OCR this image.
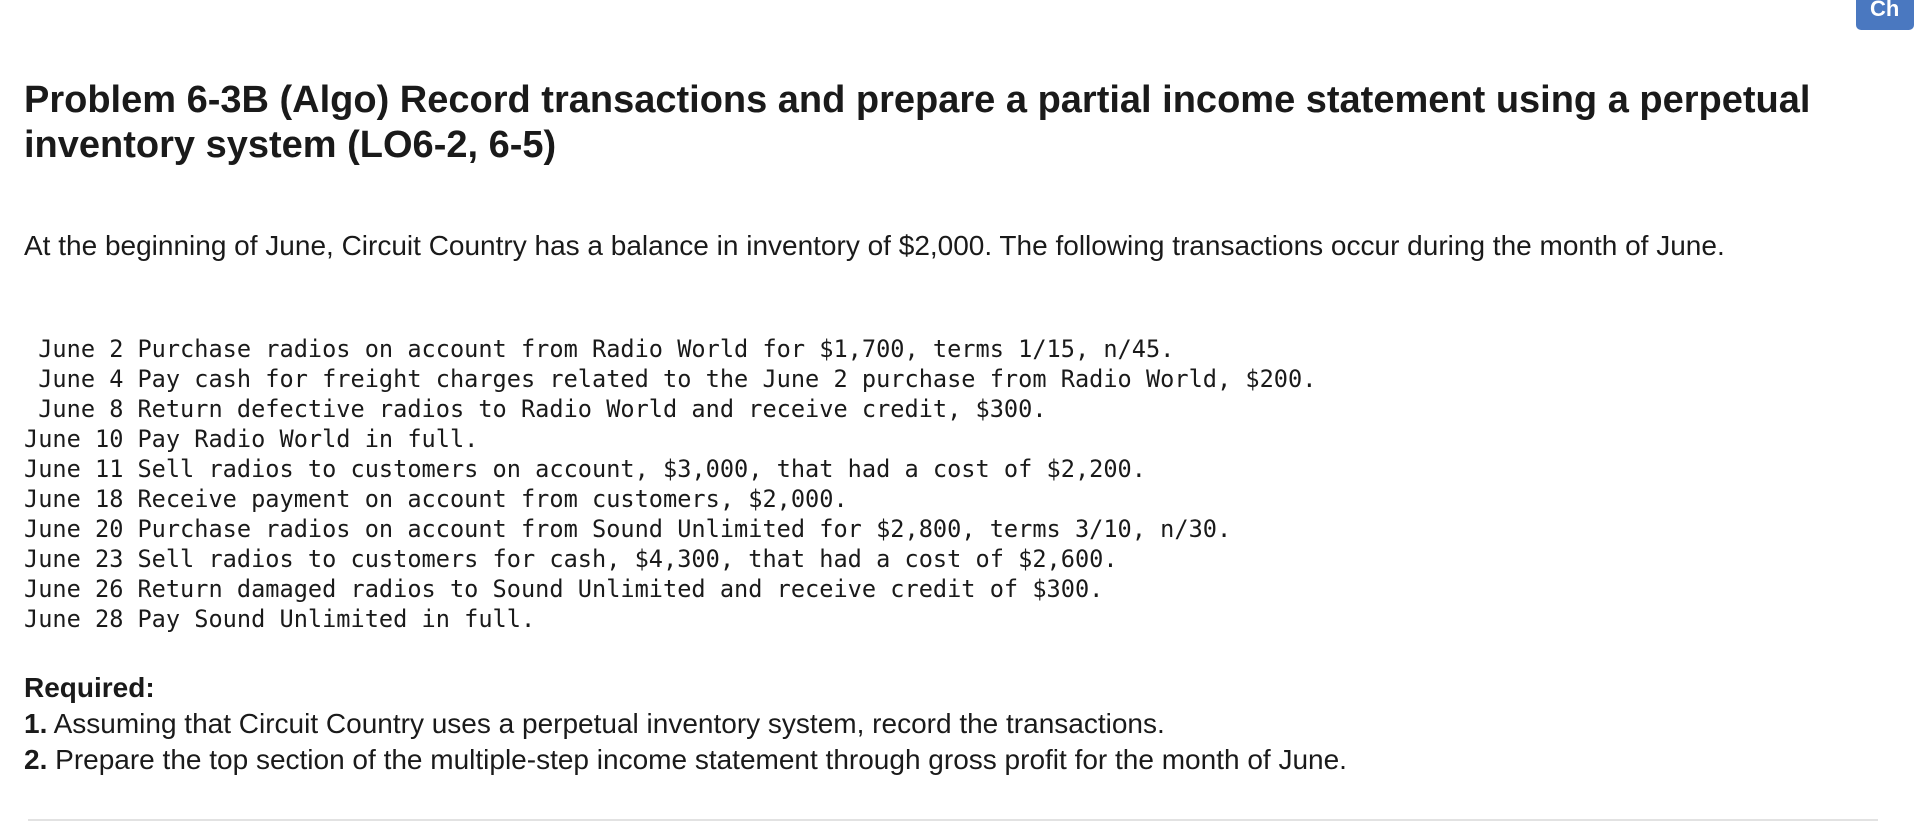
Ch
Problem 6-3B (Algo) Record transactions and prepare a partial income statement using a perpetual inventory system (LO6-2, 6-5)

At the beginning of June, Circuit Country has a balance in inventory of $2,000. The following transactions occur during the month of June.

June 2	Purchase radios on account from Radio World for $1,700, terms 1/15, n/45.
June 4	Pay cash for freight charges related to the June 2 purchase from Radio World, $200.
June 8	Return defective radios to Radio World and receive credit, $300.
June 10	Pay Radio World in full.
June 11	Sell radios to customers on account, $3,000, that had a cost of $2,200.
June 18	Receive payment on account from customers, $2,000.
June 20	Purchase radios on account from Sound Unlimited for $2,800, terms 3/10, n/30.
June 23	Sell radios to customers for cash, $4,300, that had a cost of $2,600.
June 26	Return damaged radios to Sound Unlimited and receive credit of $300.
June 28	Pay Sound Unlimited in full.
Required:
1. Assuming that Circuit Country uses a perpetual inventory system, record the transactions.
2. Prepare the top section of the multiple-step income statement through gross profit for the month of June.
